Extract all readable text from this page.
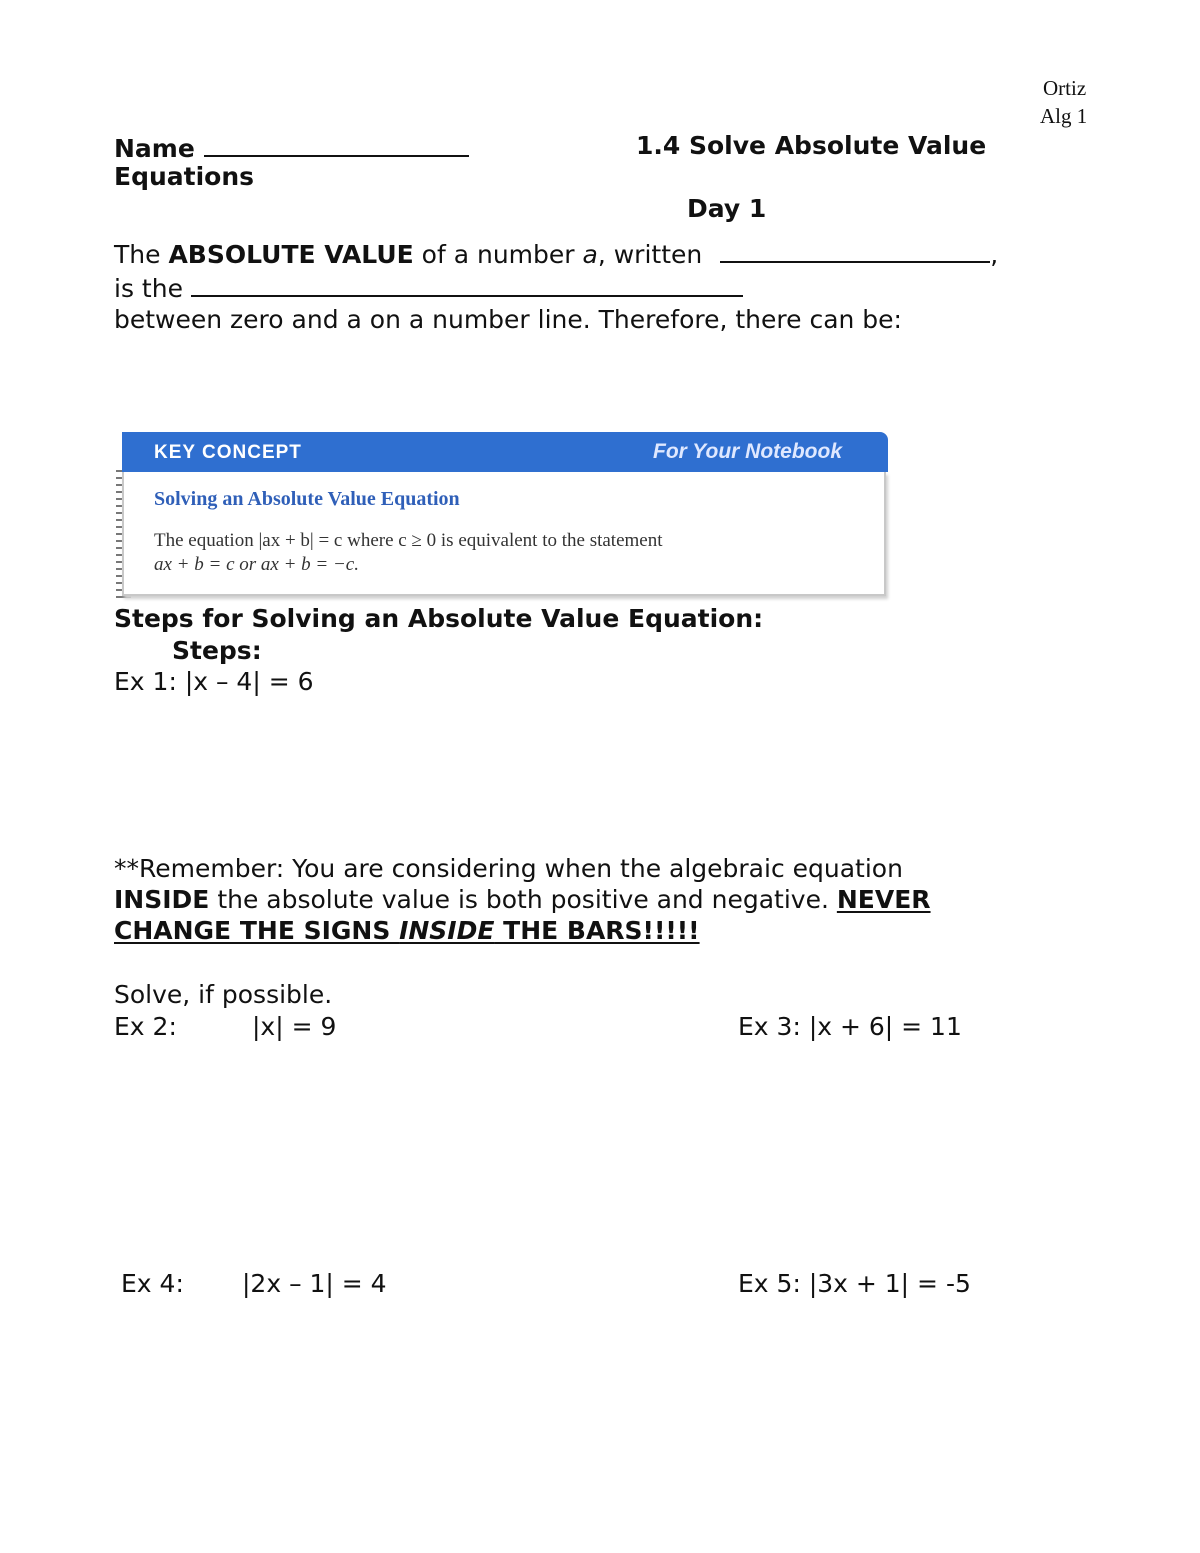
Ortiz
Alg 1
Name	1.4 Solve Absolute Value
Equations
Day 1
The ABSOLUTE VALUE of a number a, written	,
is the
between zero and a on a number line. Therefore, there can be:
KEY CONCEPT	For Your Notebook
Solving an Absolute Value Equation
The equation |ax + b| = c where c ≥ 0 is equivalent to the statement
ax + b = c or ax + b = −c.
Steps for Solving an Absolute Value Equation:
Steps:
Ex 1: |x – 4| = 6
**Remember: You are considering when the algebraic equation
INSIDE the absolute value is both positive and negative. NEVER
CHANGE THE SIGNS INSIDE THE BARS!!!!!
Solve, if possible.
Ex 2:	|x| = 9	Ex 3: |x + 6| = 11
Ex 4: |2x – 1| = 4	Ex 5: |3x + 1| = -5
